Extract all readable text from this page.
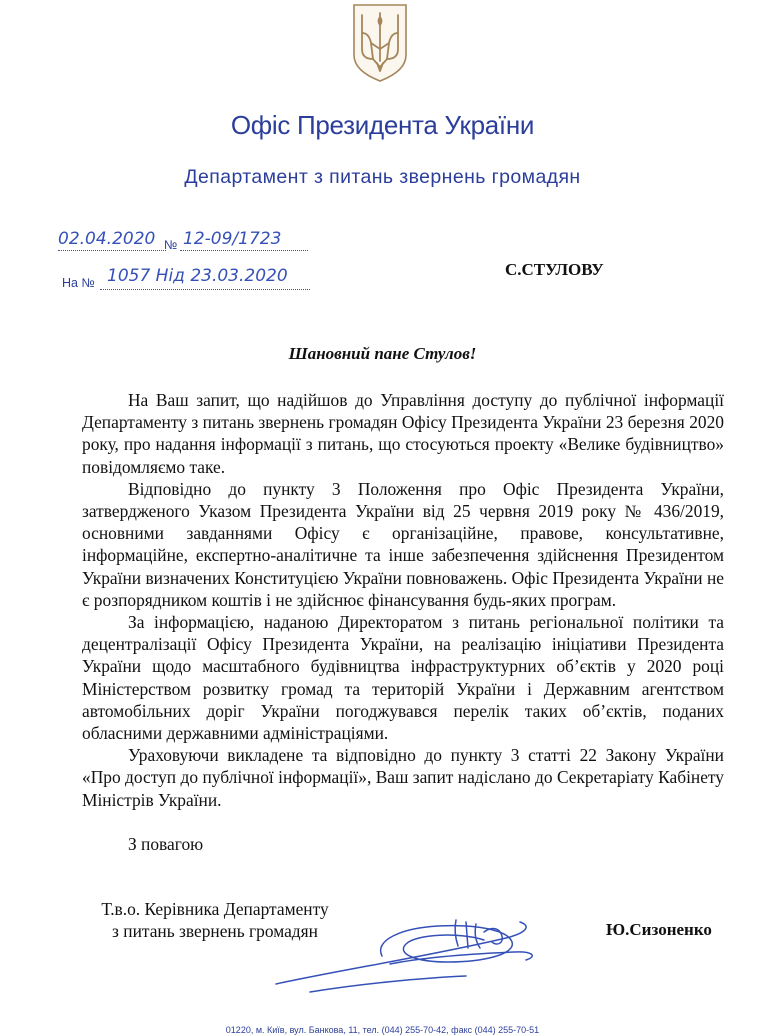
Офіс Президента України
Департамент з питань звернень громадян
02.04.2020 № 12-09/1723
На № 1057 Нід 23.03.2020	С.СТУЛОВУ
Шановний пане Стулов!

На Ваш запит, що надійшов до Управління доступу до публічної інформації Департаменту з питань звернень громадян Офісу Президента України 23 березня 2020 року, про надання інформації з питань, що стосуються проекту «Велике будівництво» повідомляємо таке.

Відповідно до пункту 3 Положення про Офіс Президента України, затвердженого Указом Президента України від 25 червня 2019 року № 436/2019, основними завданнями Офісу є організаційне, правове, консультативне, інформаційне, експертно-аналітичне та інше забезпечення здійснення Президентом України визначених Конституцією України повноважень. Офіс Президента України не є розпорядником коштів і не здійснює фінансування будь-яких програм.

За інформацією, наданою Директоратом з питань регіональної політики та децентралізації Офісу Президента України, на реалізацію ініціативи Президента України щодо масштабного будівництва інфраструктурних об’єктів у 2020 році Міністерством розвитку громад та територій України і Державним агентством автомобільних доріг України погоджувався перелік таких об’єктів, поданих обласними державними адміністраціями.

Ураховуючи викладене та відповідно до пункту 3 статті 22 Закону України «Про доступ до публічної інформації», Ваш запит надіслано до Секретаріату Кабінету Міністрів України.

З повагою
Т.в.о. Керівника Департаменту
з питань звернень громадян	Ю.Сизоненко
01220, м. Київ, вул. Банкова, 11, тел. (044) 255-70-42, факс (044) 255-70-51
